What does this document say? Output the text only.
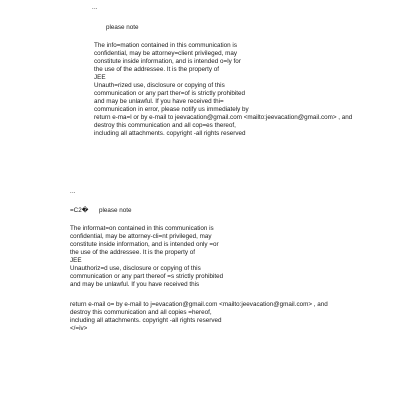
...
please note
The info=mation contained in this communication is
confidential, may be attorney=client privileged, may
constitute inside information, and is intended o=ly for
the use of the addressee. It is the property of
JEE
Unauth=rized use, disclosure or copying of this
communication or any part ther=of is strictly prohibited
and may be unlawful. If you have received thi=
communication in error, please notify us immediately by
return e-ma=l or by e-mail to jeevacation@gmail.com <mailto:jeevacation@gmail.com> , and
destroy this communication and all cop=es thereof,
including all attachments. copyright -all rights reserved
...
=C2� please note
The informat=on contained in this communication is
confidential, may be attorney-cli=nt privileged, may
constitute inside information, and is intended only =or
the use of the addressee. It is the property of
JEE
Unauthoriz=d use, disclosure or copying of this
communication or any part thereof =s strictly prohibited
and may be unlawful. If you have received this
return e-mail o= by e-mail to j=evacation@gmail.com <mailto:jeevacation@gmail.com> , and
destroy this communication and all copies =hereof,
including all attachments. copyright -all rights reserved
</=iv>
